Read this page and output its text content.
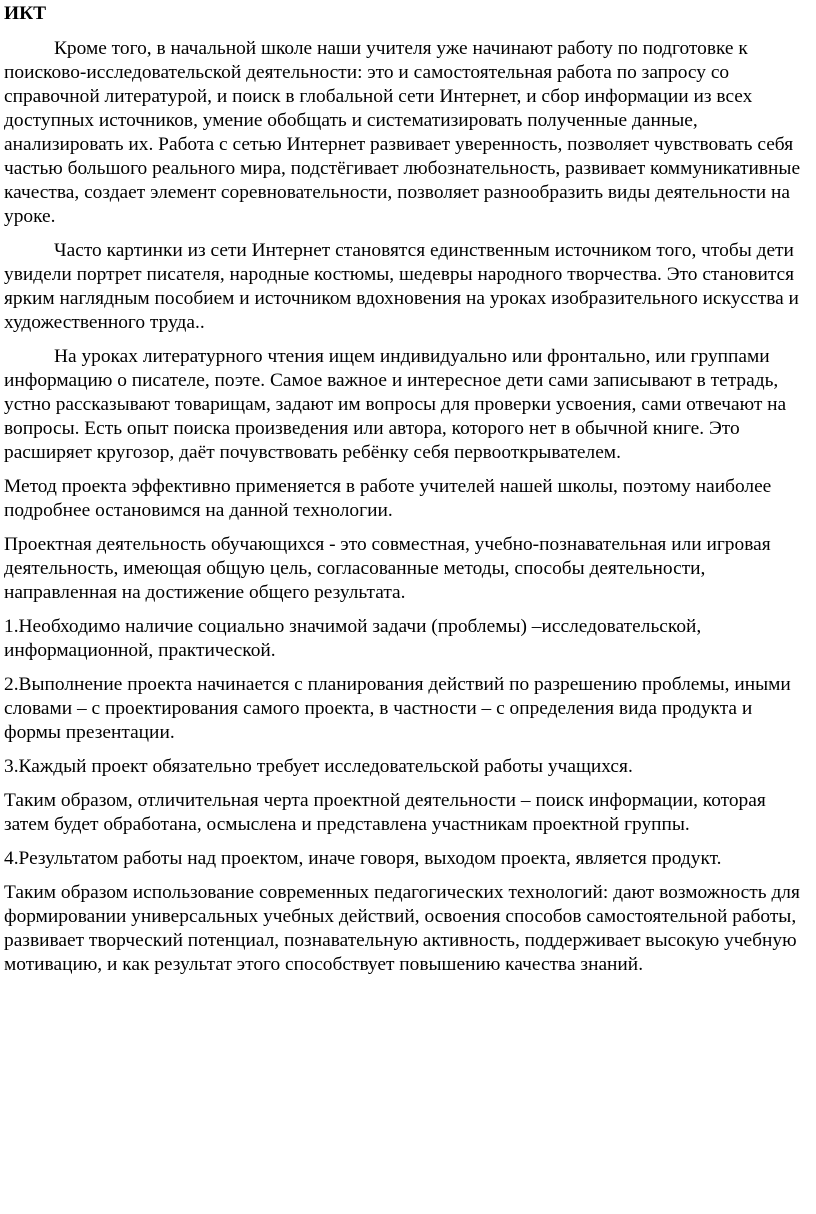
ИКТ

Кроме того, в начальной школе наши учителя уже начинают работу по подготовке к поисково-исследовательской деятельности: это и самостоятельная работа по запросу со справочной литературой, и поиск в глобальной сети Интернет, и сбор информации из всех доступных источников, умение обобщать и систематизировать полученные данные, анализировать их. Работа с сетью Интернет развивает уверенность, позволяет чувствовать себя частью большого реального мира, подстёгивает любознательность, развивает коммуникативные качества, создает элемент соревновательности, позволяет разнообразить виды деятельности на уроке.

Часто картинки из сети Интернет становятся единственным источником того, чтобы дети увидели портрет писателя, народные костюмы, шедевры народного творчества. Это становится ярким наглядным пособием и источником вдохновения на уроках изобразительного искусства и художественного труда..

На уроках литературного чтения ищем индивидуально или фронтально, или группами информацию о писателе, поэте. Самое важное и интересное дети сами записывают в тетрадь, устно рассказывают товарищам, задают им вопросы для проверки усвоения, сами отвечают на вопросы. Есть опыт поиска произведения или автора, которого нет в обычной книге. Это расширяет кругозор, даёт почувствовать ребёнку себя первооткрывателем.

Метод проекта эффективно применяется в работе учителей нашей школы, поэтому наиболее подробнее остановимся на данной технологии.

Проектная деятельность обучающихся - это совместная, учебно-познавательная или игровая деятельность, имеющая общую цель, согласованные методы, способы деятельности, направленная на достижение общего результата.

1.Необходимо наличие социально значимой задачи (проблемы) –исследовательской, информационной, практической.

2.Выполнение проекта начинается с планирования действий по разрешению проблемы, иными словами – с проектирования самого проекта, в частности – с определения вида продукта и формы презентации.

3.Каждый проект обязательно требует исследовательской работы учащихся.

Таким образом, отличительная черта проектной деятельности – поиск информации, которая затем будет обработана, осмыслена и представлена участникам проектной группы.

4.Результатом работы над проектом, иначе говоря, выходом проекта, является продукт.

Таким образом использование современных педагогических технологий: дают возможность для формировании универсальных учебных действий, освоения способов самостоятельной работы, развивает творческий потенциал, познавательную активность, поддерживает высокую учебную мотивацию, и как результат этого способствует повышению качества знаний.
